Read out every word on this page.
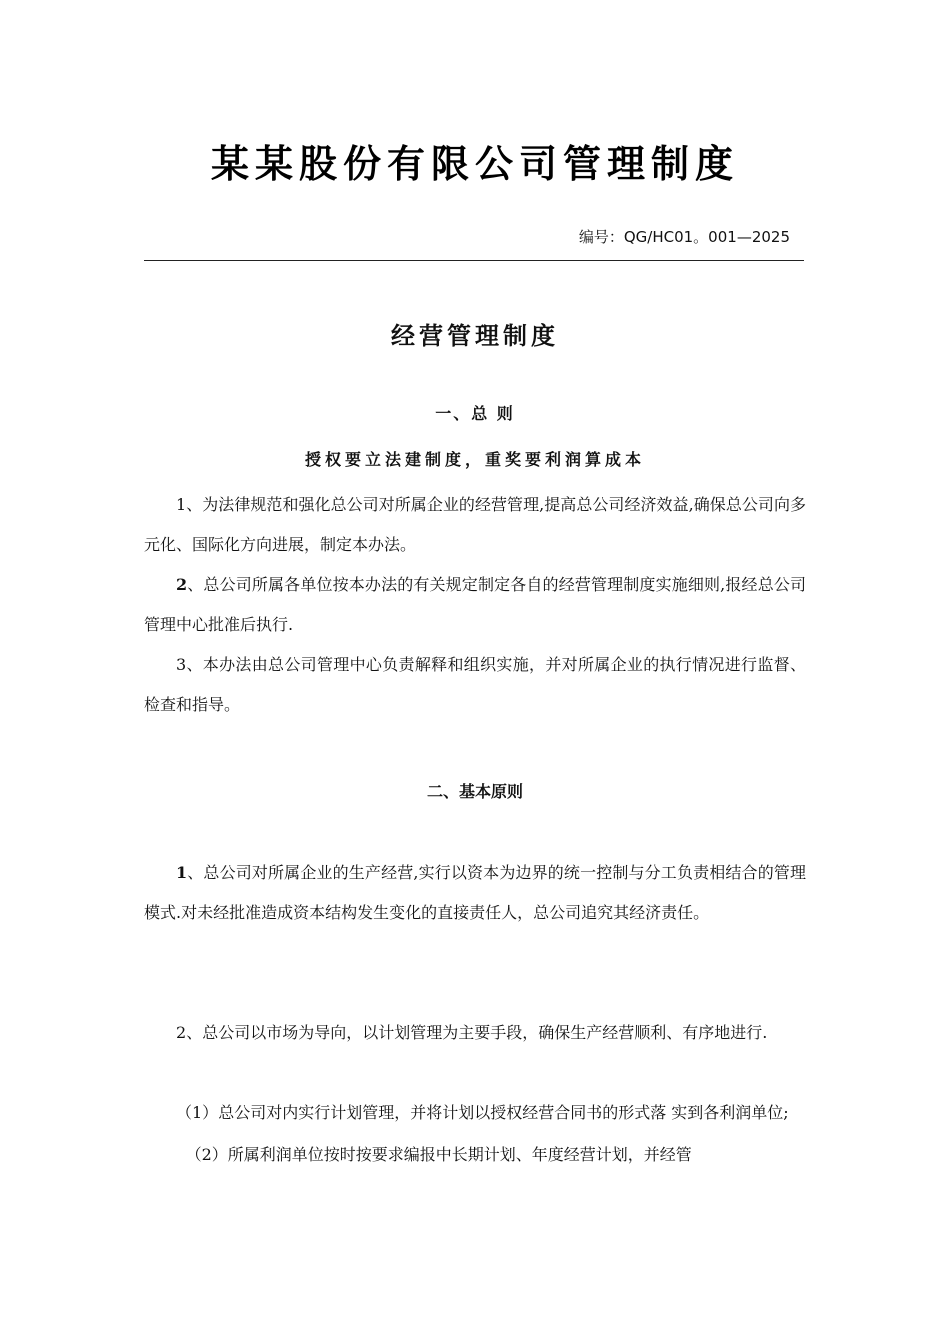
某某股份有限公司管理制度
编号：QG/HC01。001—2025
经营管理制度
一、总 则
授权要立法建制度，重奖要利润算成本

1、为法律规范和强化总公司对所属企业的经营管理,提高总公司经济效益,确保总公司向多元化、国际化方向进展，制定本办法。

2、总公司所属各单位按本办法的有关规定制定各自的经营管理制度实施细则,报经总公司管理中心批准后执行.

3、本办法由总公司管理中心负责解释和组织实施，并对所属企业的执行情况进行监督、检查和指导。

二、基本原则

1、总公司对所属企业的生产经营,实行以资本为边界的统一控制与分工负责相结合的管理模式.对未经批准造成资本结构发生变化的直接责任人，总公司追究其经济责任。

2、总公司以市场为导向，以计划管理为主要手段，确保生产经营顺利、有序地进行.

（1）总公司对内实行计划管理，并将计划以授权经营合同书的形式落 实到各利润单位;

（2）所属利润单位按时按要求编报中长期计划、年度经营计划，并经管
